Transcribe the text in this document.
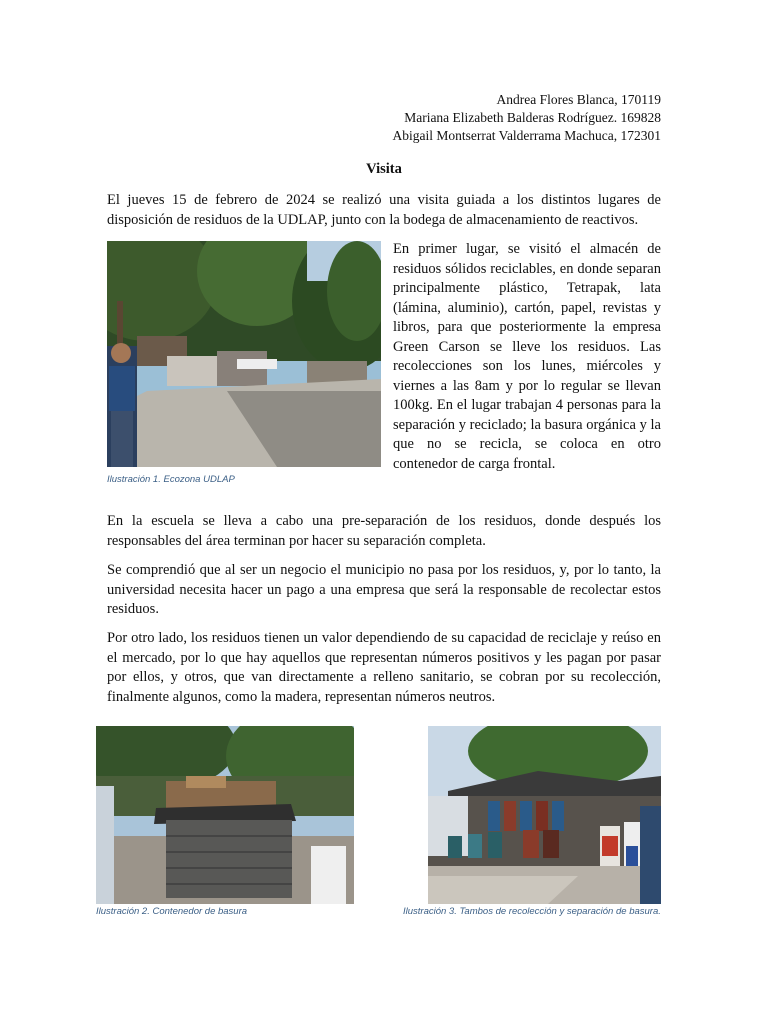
Andrea Flores Blanca, 170119
Mariana Elizabeth Balderas Rodríguez. 169828
Abigail Montserrat Valderrama Machuca, 172301
Visita

El jueves 15 de febrero de 2024 se realizó una visita guiada a los distintos lugares de disposición de residuos de la UDLAP, junto con la bodega de almacenamiento de reactivos.

En primer lugar, se visitó el almacén de residuos sólidos reciclables, en donde separan principalmente plástico, Tetrapak, lata (lámina, aluminio), cartón, papel, revistas y libros, para que posteriormente la empresa Green Carson se lleve los residuos. Las recolecciones son los lunes, miércoles y viernes a las 8am y por lo regular se llevan 100kg. En el lugar trabajan 4 personas para la separación y reciclado; la basura orgánica y la que no se recicla, se coloca en otro contenedor de carga frontal.

Ilustración 1. Ecozona UDLAP

En la escuela se lleva a cabo una pre-separación de los residuos, donde después los responsables del área terminan por hacer su separación completa.

Se comprendió que al ser un negocio el municipio no pasa por los residuos, y, por lo tanto, la universidad necesita hacer un pago a una empresa que será la responsable de recolectar estos residuos.

Por otro lado, los residuos tienen un valor dependiendo de su capacidad de reciclaje y reúso en el mercado, por lo que hay aquellos que representan números positivos y les pagan por pasar por ellos, y otros, que van directamente a relleno sanitario, se cobran por su recolección, finalmente algunos, como la madera, representan números neutros.

Ilustración 2. Contenedor de basura	Ilustración 3. Tambos de recolección y separación de basura.
